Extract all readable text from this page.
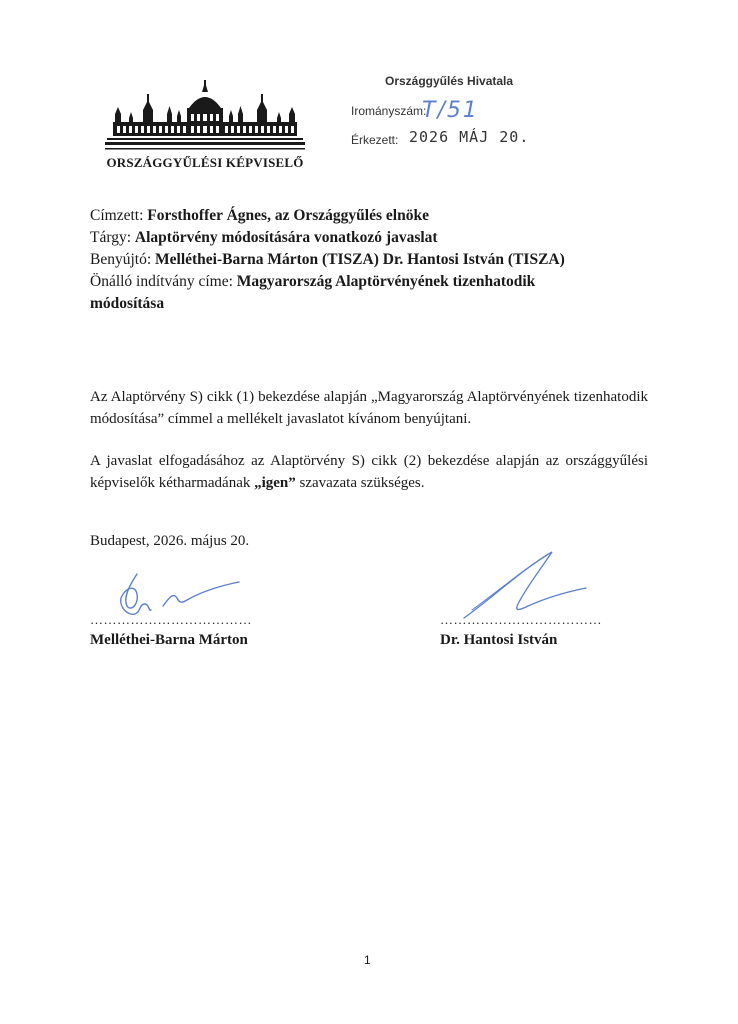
ORSZÁGGYŰLÉSI KÉPVISELŐ
Országgyűlés Hivatala
Irományszám:
T/51
Érkezett: 2026 MÁJ 20.
Címzett: Forsthoffer Ágnes, az Országgyűlés elnöke
Tárgy: Alaptörvény módosítására vonatkozó javaslat
Benyújtó: Melléthei-Barna Márton (TISZA) Dr. Hantosi István (TISZA)
Önálló indítvány címe: Magyarország Alaptörvényének tizenhatodik
módosítása
Az Alaptörvény S) cikk (1) bekezdése alapján „Magyarország Alaptörvényének tizenhatodik módosítása” címmel a mellékelt javaslatot kívánom benyújtani.
A javaslat elfogadásához az Alaptörvény S) cikk (2) bekezdése alapján az országgyűlési képviselők kétharmadának „igen” szavazata szükséges.
Budapest, 2026. május 20.
………………………………
Melléthei-Barna Márton
………………………………
Dr. Hantosi István
1
